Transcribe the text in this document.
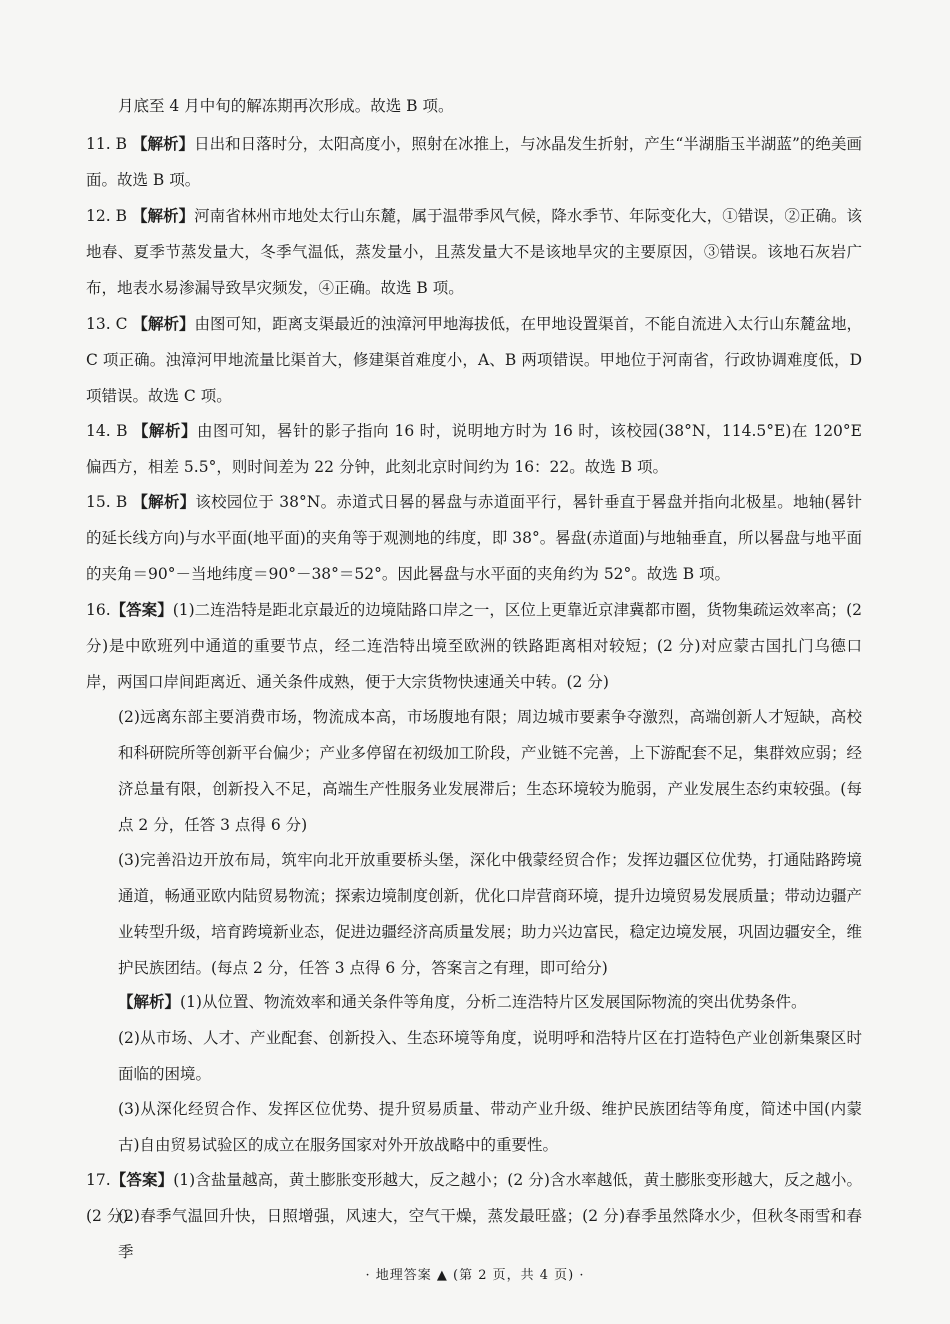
月底至 4 月中旬的解冻期再次形成。故选 B 项。

11. B 【解析】日出和日落时分，太阳高度小，照射在冰推上，与冰晶发生折射，产生“半湖脂玉半湖蓝”的绝美画面。故选 B 项。

12. B 【解析】河南省林州市地处太行山东麓，属于温带季风气候，降水季节、年际变化大，①错误，②正确。该地春、夏季节蒸发量大，冬季气温低，蒸发量小，且蒸发量大不是该地旱灾的主要原因，③错误。该地石灰岩广布，地表水易渗漏导致旱灾频发，④正确。故选 B 项。

13. C 【解析】由图可知，距离支渠最近的浊漳河甲地海拔低，在甲地设置渠首，不能自流进入太行山东麓盆地，C 项正确。浊漳河甲地流量比渠首大，修建渠首难度小，A、B 两项错误。甲地位于河南省，行政协调难度低，D 项错误。故选 C 项。

14. B 【解析】由图可知，晷针的影子指向 16 时，说明地方时为 16 时，该校园(38°N，114.5°E)在 120°E 偏西方，相差 5.5°，则时间差为 22 分钟，此刻北京时间约为 16：22。故选 B 项。

15. B 【解析】该校园位于 38°N。赤道式日晷的晷盘与赤道面平行，晷针垂直于晷盘并指向北极星。地轴(晷针的延长线方向)与水平面(地平面)的夹角等于观测地的纬度，即 38°。晷盘(赤道面)与地轴垂直，所以晷盘与地平面的夹角＝90°－当地纬度＝90°－38°＝52°。因此晷盘与水平面的夹角约为 52°。故选 B 项。

16.【答案】(1)二连浩特是距北京最近的边境陆路口岸之一，区位上更靠近京津冀都市圈，货物集疏运效率高；(2 分)是中欧班列中通道的重要节点，经二连浩特出境至欧洲的铁路距离相对较短；(2 分)对应蒙古国扎门乌德口岸，两国口岸间距离近、通关条件成熟，便于大宗货物快速通关中转。(2 分)

(2)远离东部主要消费市场，物流成本高，市场腹地有限；周边城市要素争夺激烈，高端创新人才短缺，高校和科研院所等创新平台偏少；产业多停留在初级加工阶段，产业链不完善，上下游配套不足，集群效应弱；经济总量有限，创新投入不足，高端生产性服务业发展滞后；生态环境较为脆弱，产业发展生态约束较强。(每点 2 分，任答 3 点得 6 分)

(3)完善沿边开放布局，筑牢向北开放重要桥头堡，深化中俄蒙经贸合作；发挥边疆区位优势，打通陆路跨境通道，畅通亚欧内陆贸易物流；探索边境制度创新，优化口岸营商环境，提升边境贸易发展质量；带动边疆产业转型升级，培育跨境新业态，促进边疆经济高质量发展；助力兴边富民，稳定边境发展，巩固边疆安全，维护民族团结。(每点 2 分，任答 3 点得 6 分，答案言之有理，即可给分)

【解析】(1)从位置、物流效率和通关条件等角度，分析二连浩特片区发展国际物流的突出优势条件。

(2)从市场、人才、产业配套、创新投入、生态环境等角度，说明呼和浩特片区在打造特色产业创新集聚区时面临的困境。

(3)从深化经贸合作、发挥区位优势、提升贸易质量、带动产业升级、维护民族团结等角度，简述中国(内蒙古)自由贸易试验区的成立在服务国家对外开放战略中的重要性。

17.【答案】(1)含盐量越高，黄土膨胀变形越大，反之越小；(2 分)含水率越低，黄土膨胀变形越大，反之越小。(2 分)

(2)春季气温回升快，日照增强，风速大，空气干燥，蒸发最旺盛；(2 分)春季虽然降水少，但秋冬雨雪和春季

· 地理答案 ▲ (第 2 页，共 4 页) ·
